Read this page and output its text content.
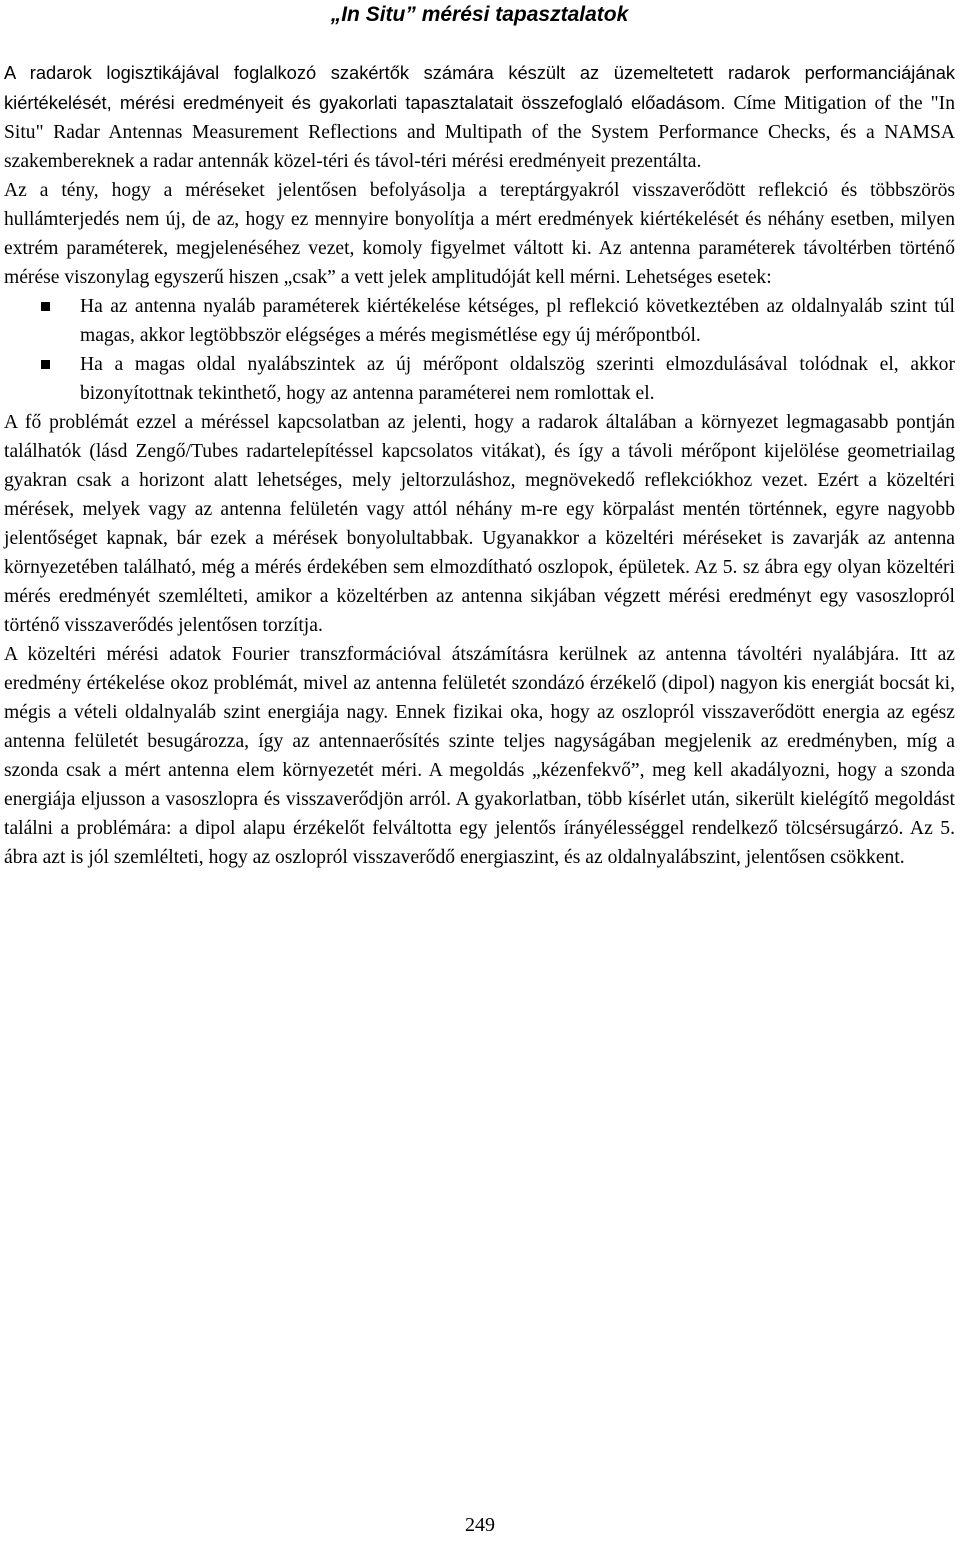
„In Situ” mérési tapasztalatok

A radarok logisztikájával foglalkozó szakértők számára készült az üzemeltetett radarok performanciájának kiértékelését, mérési eredményeit és gyakorlati tapasztalatait összefoglaló előadásom. Címe Mitigation of the "In Situ" Radar Antennas Measurement Reflections and Multipath of the System Performance Checks, és a NAMSA szakembereknek a radar antennák közel-téri és távol-téri mérési eredményeit prezentálta.

Az a tény, hogy a méréseket jelentősen befolyásolja a tereptárgyakról visszaverődött reflekció és többszörös hullámterjedés nem új, de az, hogy ez mennyire bonyolítja a mért eredmények kiértékelését és néhány esetben, milyen extrém paraméterek, megjelenéséhez vezet, komoly figyelmet váltott ki. Az antenna paraméterek távoltérben történő mérése viszonylag egyszerű hiszen „csak” a vett jelek amplitudóját kell mérni. Lehetséges esetek:

Ha az antenna nyaláb paraméterek kiértékelése kétséges, pl reflekció következtében az oldalnyaláb szint túl magas, akkor legtöbbször elégséges a mérés megismétlése egy új mérőpontból.
Ha a magas oldal nyalábszintek az új mérőpont oldalszög szerinti elmozdulásával tolódnak el, akkor bizonyítottnak tekinthető, hogy az antenna paraméterei nem romlottak el.

A fő problémát ezzel a méréssel kapcsolatban az jelenti, hogy a radarok általában a környezet legmagasabb pontján találhatók (lásd Zengő/Tubes radartelepítéssel kapcsolatos vitákat), és így a távoli mérőpont kijelölése geometriailag gyakran csak a horizont alatt lehetséges, mely jeltorzuláshoz, megnövekedő reflekciókhoz vezet. Ezért a közeltéri mérések, melyek vagy az antenna felületén vagy attól néhány m-re egy körpalást mentén történnek, egyre nagyobb jelentőséget kapnak, bár ezek a mérések bonyolultabbak. Ugyanakkor a közeltéri méréseket is zavarják az antenna környezetében található, még a mérés érdekében sem elmozdítható oszlopok, épületek. Az 5. sz ábra egy olyan közeltéri mérés eredményét szemlélteti, amikor a közeltérben az antenna sikjában végzett mérési eredményt egy vasoszlopról történő visszaverődés jelentősen torzítja.

A közeltéri mérési adatok Fourier transzformációval átszámításra kerülnek az antenna távoltéri nyalábjára. Itt az eredmény értékelése okoz problémát, mivel az antenna felületét szondázó érzékelő (dipol) nagyon kis energiát bocsát ki, mégis a vételi oldalnyaláb szint energiája nagy. Ennek fizikai oka, hogy az oszlopról visszaverődött energia az egész antenna felületét besugározza, így az antennaerősítés szinte teljes nagyságában megjelenik az eredményben, míg a szonda csak a mért antenna elem környezetét méri. A megoldás „kézenfekvő”, meg kell akadályozni, hogy a szonda energiája eljusson a vasoszlopra és visszaverődjön arról. A gyakorlatban, több kísérlet után, sikerült kielégítő megoldást találni a problémára: a dipol alapu érzékelőt felváltotta egy jelentős írányélességgel rendelkező tölcsérsugárzó. Az 5. ábra azt is jól szemlélteti, hogy az oszlopról visszaverődő energiaszint, és az oldalnyalábszint, jelentősen csökkent.

249
